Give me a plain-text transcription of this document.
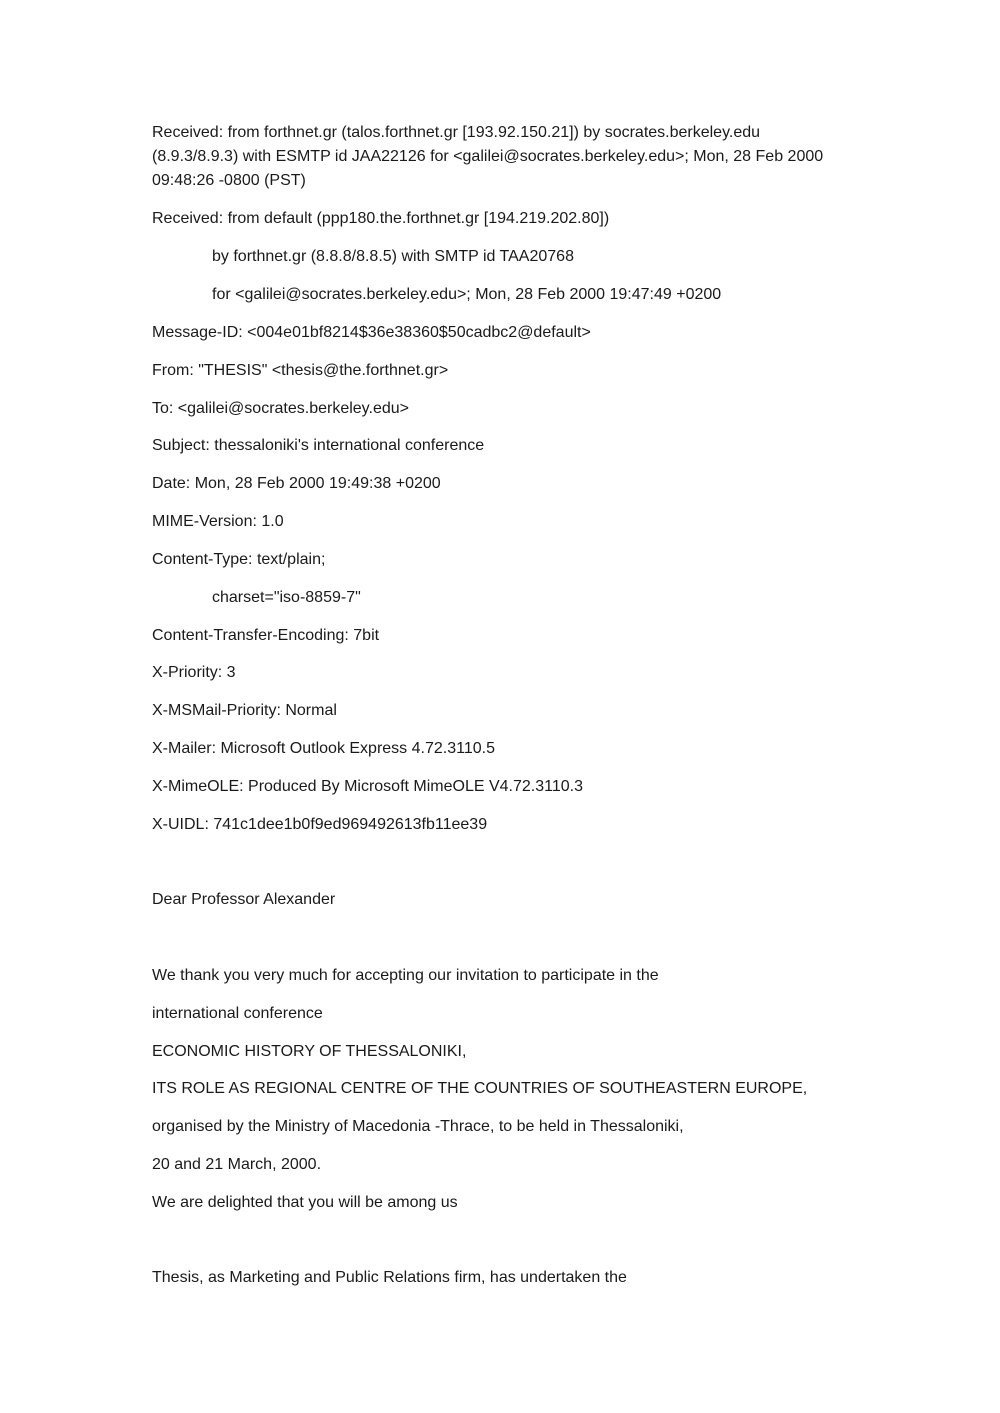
Received: from forthnet.gr (talos.forthnet.gr [193.92.150.21]) by socrates.berkeley.edu (8.9.3/8.9.3) with ESMTP id JAA22126 for <galilei@socrates.berkeley.edu>; Mon, 28 Feb 2000 09:48:26 -0800 (PST)
Received: from default (ppp180.the.forthnet.gr [194.219.202.80])
by forthnet.gr (8.8.8/8.8.5) with SMTP id TAA20768
for <galilei@socrates.berkeley.edu>; Mon, 28 Feb 2000 19:47:49 +0200
Message-ID: <004e01bf8214$36e38360$50cadbc2@default>
From: "THESIS" <thesis@the.forthnet.gr>
To: <galilei@socrates.berkeley.edu>
Subject: thessaloniki's international conference
Date: Mon, 28 Feb 2000 19:49:38 +0200
MIME-Version: 1.0
Content-Type: text/plain;
charset="iso-8859-7"
Content-Transfer-Encoding: 7bit
X-Priority: 3
X-MSMail-Priority: Normal
X-Mailer: Microsoft Outlook Express 4.72.3110.5
X-MimeOLE: Produced By Microsoft MimeOLE V4.72.3110.3
X-UIDL: 741c1dee1b0f9ed969492613fb11ee39
Dear Professor Alexander
We thank you very much for accepting our invitation to participate in the
international conference
ECONOMIC HISTORY OF THESSALONIKI,
ITS ROLE AS REGIONAL CENTRE OF THE COUNTRIES OF SOUTHEASTERN EUROPE,
organised by the Ministry of Macedonia -Thrace, to be held in Thessaloniki,
20 and 21 March, 2000.
We are delighted that you will be among us
Thesis, as Marketing and Public Relations firm, has undertaken the
